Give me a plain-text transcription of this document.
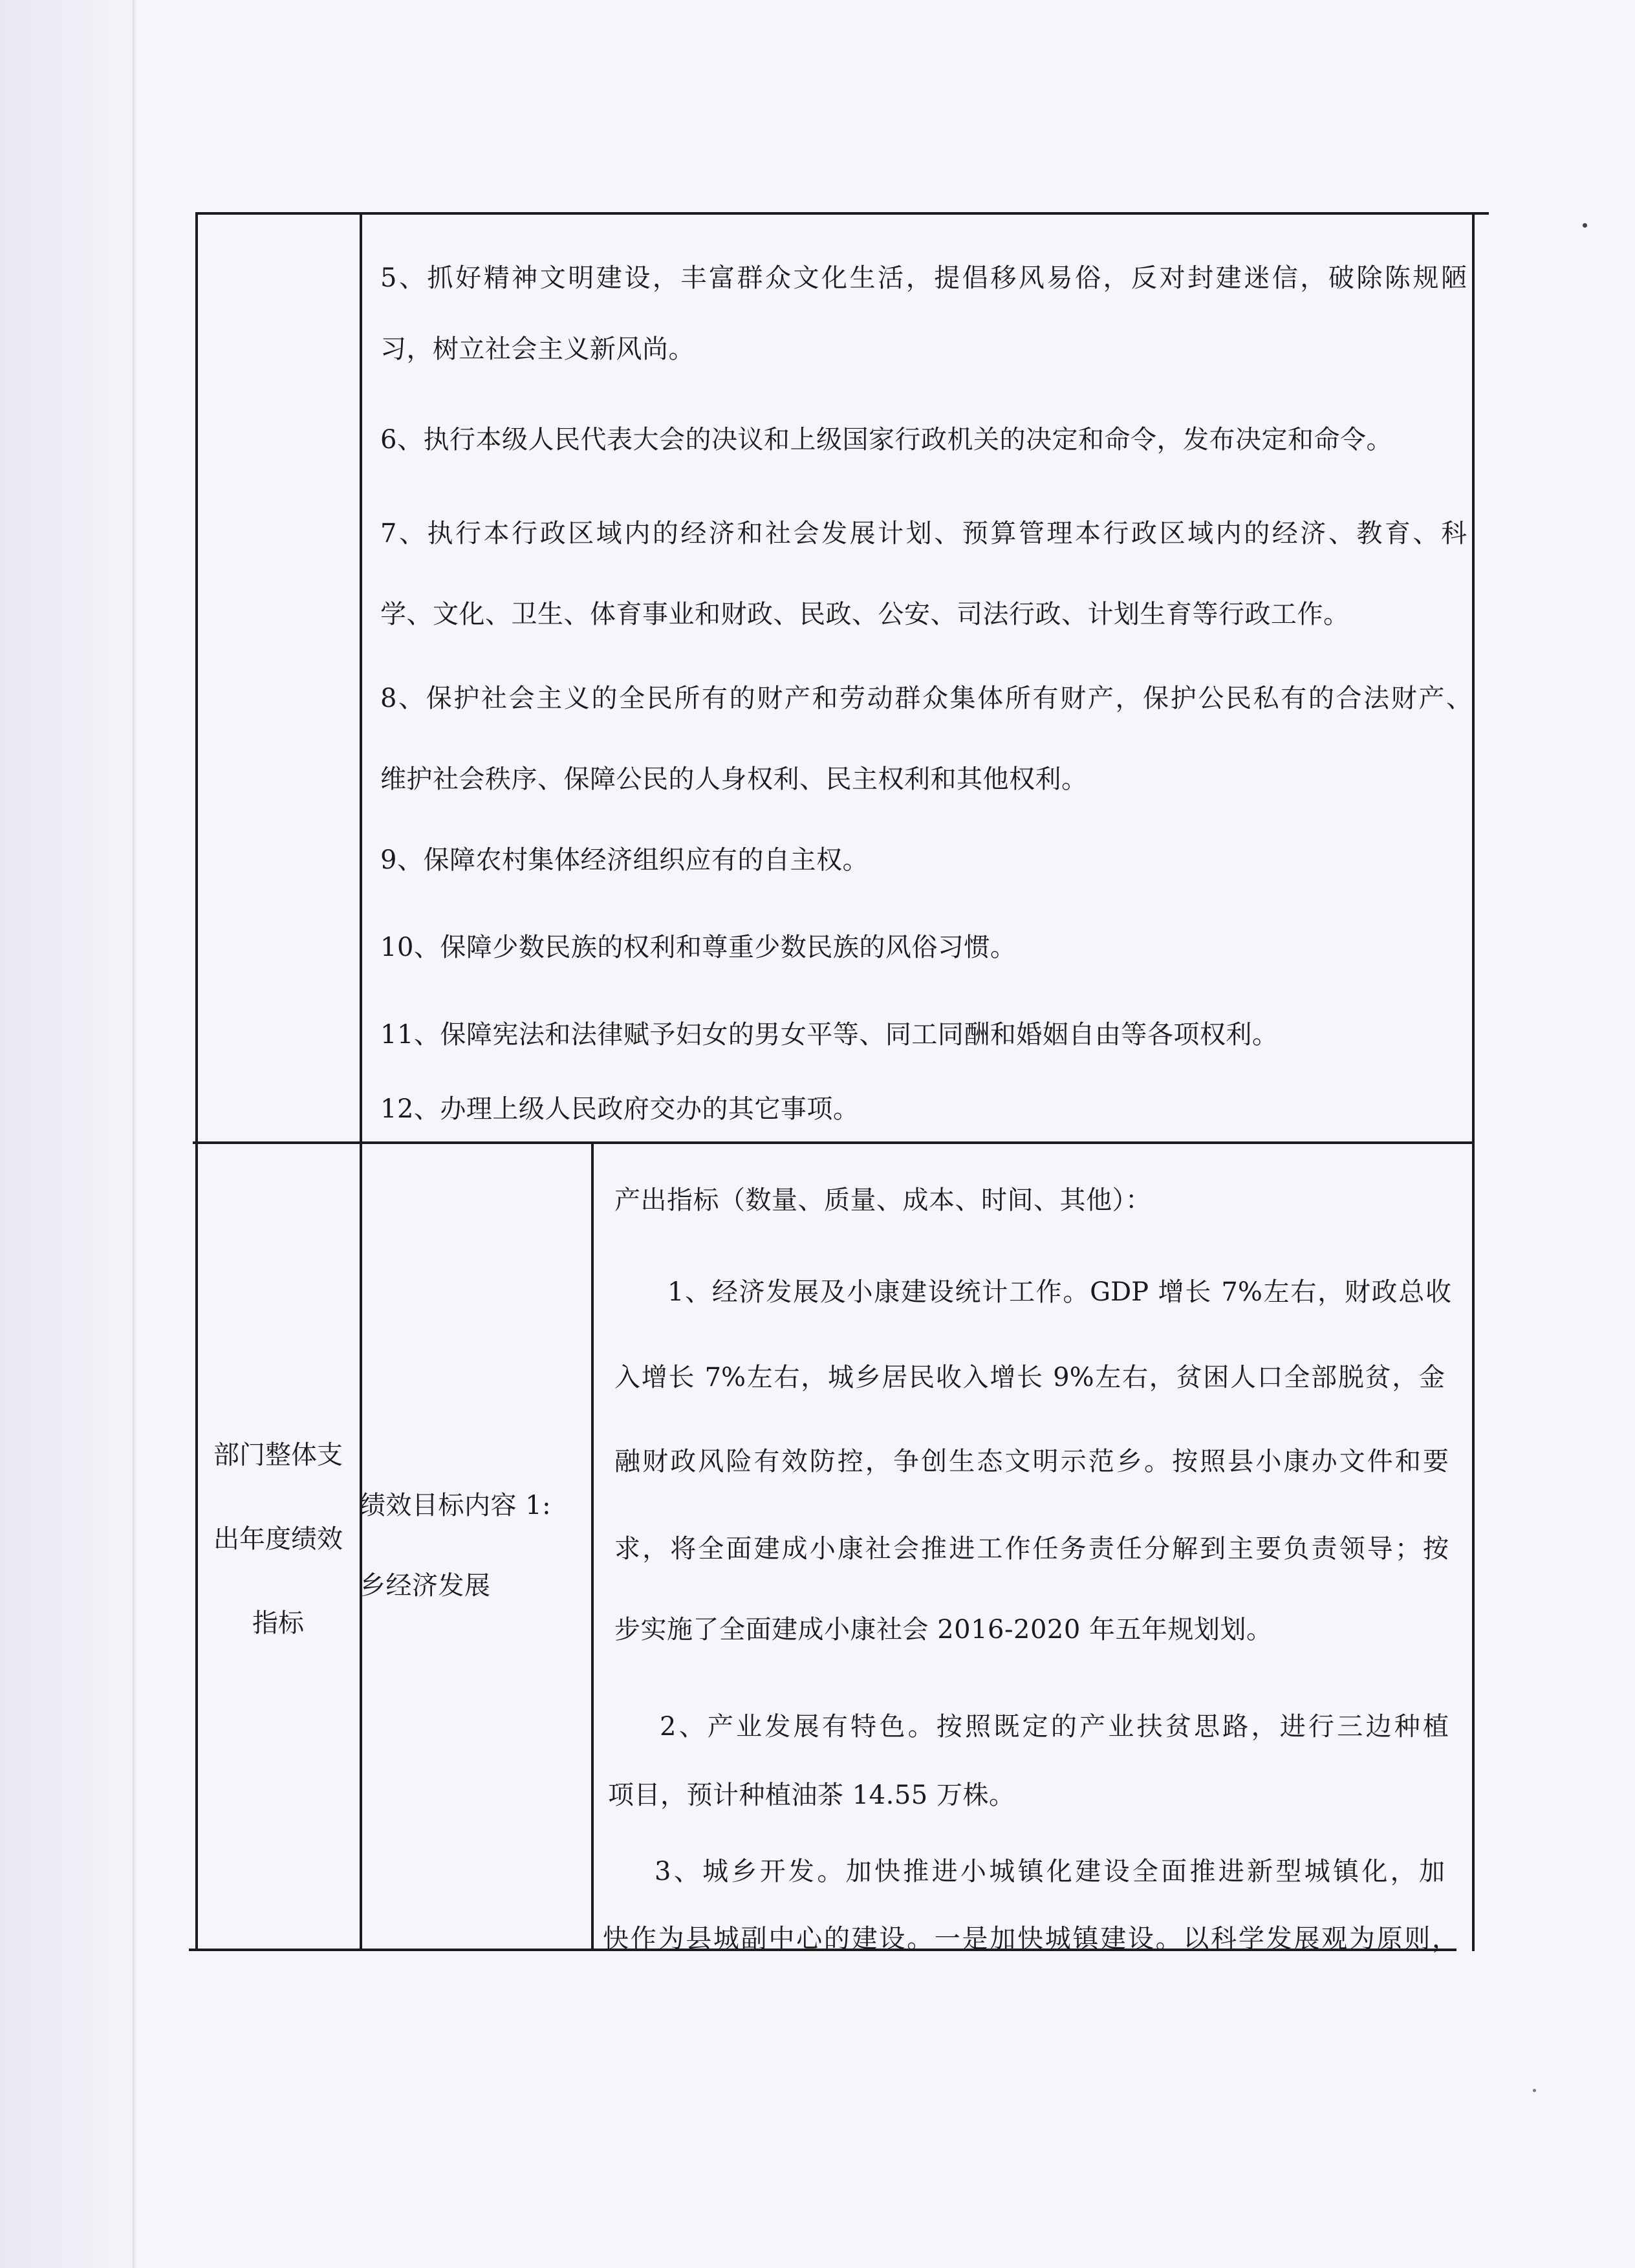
5、抓好精神文明建设，丰富群众文化生活，提倡移风易俗，反对封建迷信，破除陈规陋
习，树立社会主义新风尚。
6、执行本级人民代表大会的决议和上级国家行政机关的决定和命令，发布决定和命令。
7、执行本行政区域内的经济和社会发展计划、预算管理本行政区域内的经济、教育、科
学、文化、卫生、体育事业和财政、民政、公安、司法行政、计划生育等行政工作。
8、保护社会主义的全民所有的财产和劳动群众集体所有财产，保护公民私有的合法财产、
维护社会秩序、保障公民的人身权利、民主权利和其他权利。
9、保障农村集体经济组织应有的自主权。
10、保障少数民族的权利和尊重少数民族的风俗习惯。
11、保障宪法和法律赋予妇女的男女平等、同工同酬和婚姻自由等各项权利。
12、办理上级人民政府交办的其它事项。
部门整体支
出年度绩效
指标
绩效目标内容 1:
乡经济发展
产出指标（数量、质量、成本、时间、其他）：
1、经济发展及小康建设统计工作。GDP 增长 7%左右，财政总收
入增长 7%左右，城乡居民收入增长 9%左右，贫困人口全部脱贫，金
融财政风险有效防控，争创生态文明示范乡。按照县小康办文件和要
求，将全面建成小康社会推进工作任务责任分解到主要负责领导；按
步实施了全面建成小康社会 2016-2020 年五年规划划。
2、产业发展有特色。按照既定的产业扶贫思路，进行三边种植
项目，预计种植油茶 14.55 万株。
3、城乡开发。加快推进小城镇化建设全面推进新型城镇化，加
快作为县城副中心的建设。一是加快城镇建设。以科学发展观为原则，
